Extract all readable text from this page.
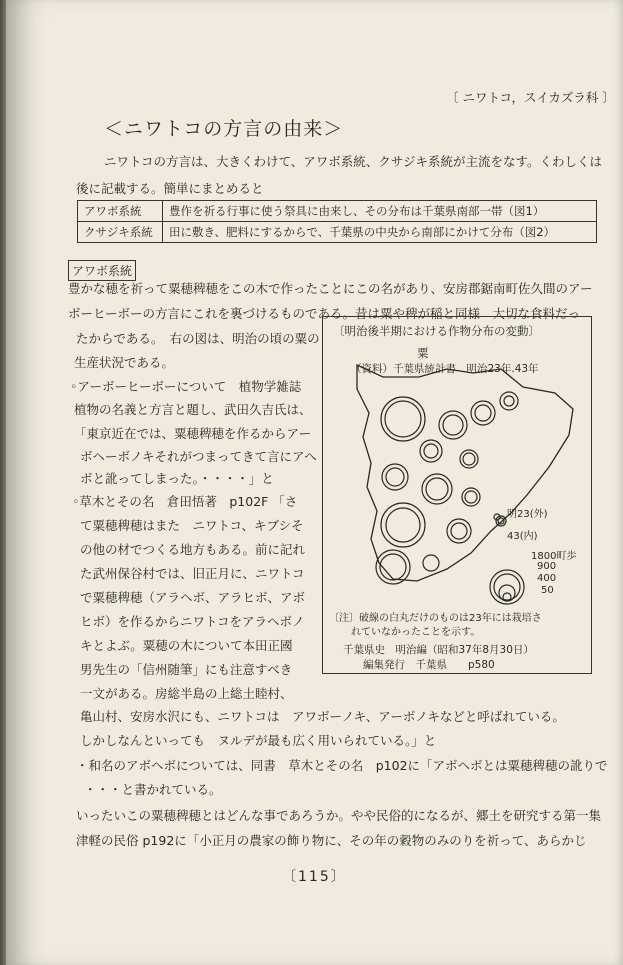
〔 ニワトコ，スイカズラ科 〕
＜ニワトコの方言の由来＞
ニワトコの方言は、大きくわけて、アワボ系統、クサジキ系統が主流をなす。くわしくは
後に記載する。簡単にまとめると
アワボ系統	豊作を祈る行事に使う祭具に由来し、その分布は千葉県南部一帯（図1）
クサジキ系統	田に敷き、肥料にするからで、千葉県の中央から南部にかけて分布（図2）
アワボ系統
豊かな穂を祈って粟穂稗穂をこの木で作ったことにこの名があり、安房郡鋸南町佐久間のアー
ボーヒーボーの方言にこれを裏づけるものである。昔は粟や稗が稲と同様　大切な食料だっ
たからである。　右の図は、明治の頃の粟の
生産状況である。
◦アーボーヒーボーについて　植物学雑誌
植物の名義と方言と題し、武田久吉氏は、
「東京近在では、粟穂稗穂を作るからアー
ボヘーボノキそれがつまってきて言にアへ
ボと訛ってしまった。・・・・」と
◦草木とその名　倉田悟著　p102F 「さ
て粟穂稗穂はまた　ニワトコ、キブシそ
の他の材でつくる地方もある。前に記れ
た武州保谷村では、旧正月に、ニワトコ
で粟穂稗穂（アラヘボ、アラヒボ、アボ
ヒボ）を作るからニワトコをアラヘボノ
キとよぶ。粟穂の木について本田正國
男先生の「信州随筆」にも注意すべき
一文がある。房総半島の上総土睦村、
〔明治後半期における作物分布の変動〕
粟
（資料）千葉県統計書　明治23年.43年
明23(外)
43(内)
1800町歩
900
400
50
〔注〕破線の白丸だけのものは23年には栽培さ
れていなかったことを示す。
千葉県史　明治編（昭和37年8月30日）
編集発行　千葉県　　p580
亀山村、安房水沢にも、ニワトコは　アワボーノキ、アーボノキなどと呼ばれている。
しかしなんといっても　ヌルデが最も広く用いられている。」と
・和名のアボヘボについては、同書　草木とその名　p102に「アボヘボとは粟穂稗穂の訛りで
・・・と書かれている。
いったいこの粟穂稗穂とはどんな事であろうか。やや民俗的になるが、郷土を研究する第一集
津軽の民俗 p192に「小正月の農家の飾り物に、その年の穀物のみのりを祈って、あらかじ
〔115〕
